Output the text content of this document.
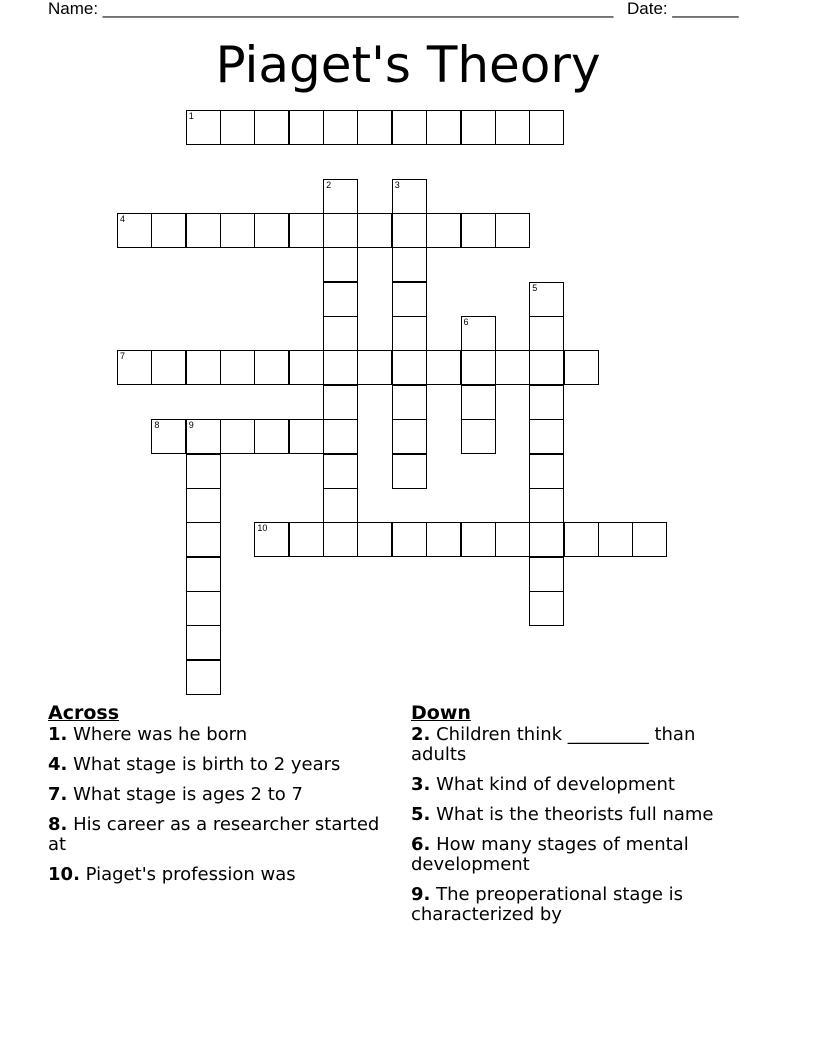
Name: ______________________________________________________ Date: _______
Piaget's Theory
1
4
7
8
10
2	3
5
6
9
Across
1. Where was he born
4. What stage is birth to 2 years
7. What stage is ages 2 to 7
8. His career as a researcher started at
10. Piaget's profession was
Down
2. Children think _________ than adults
3. What kind of development
5. What is the theorists full name
6. How many stages of mental development
9. The preoperational stage is characterized by
